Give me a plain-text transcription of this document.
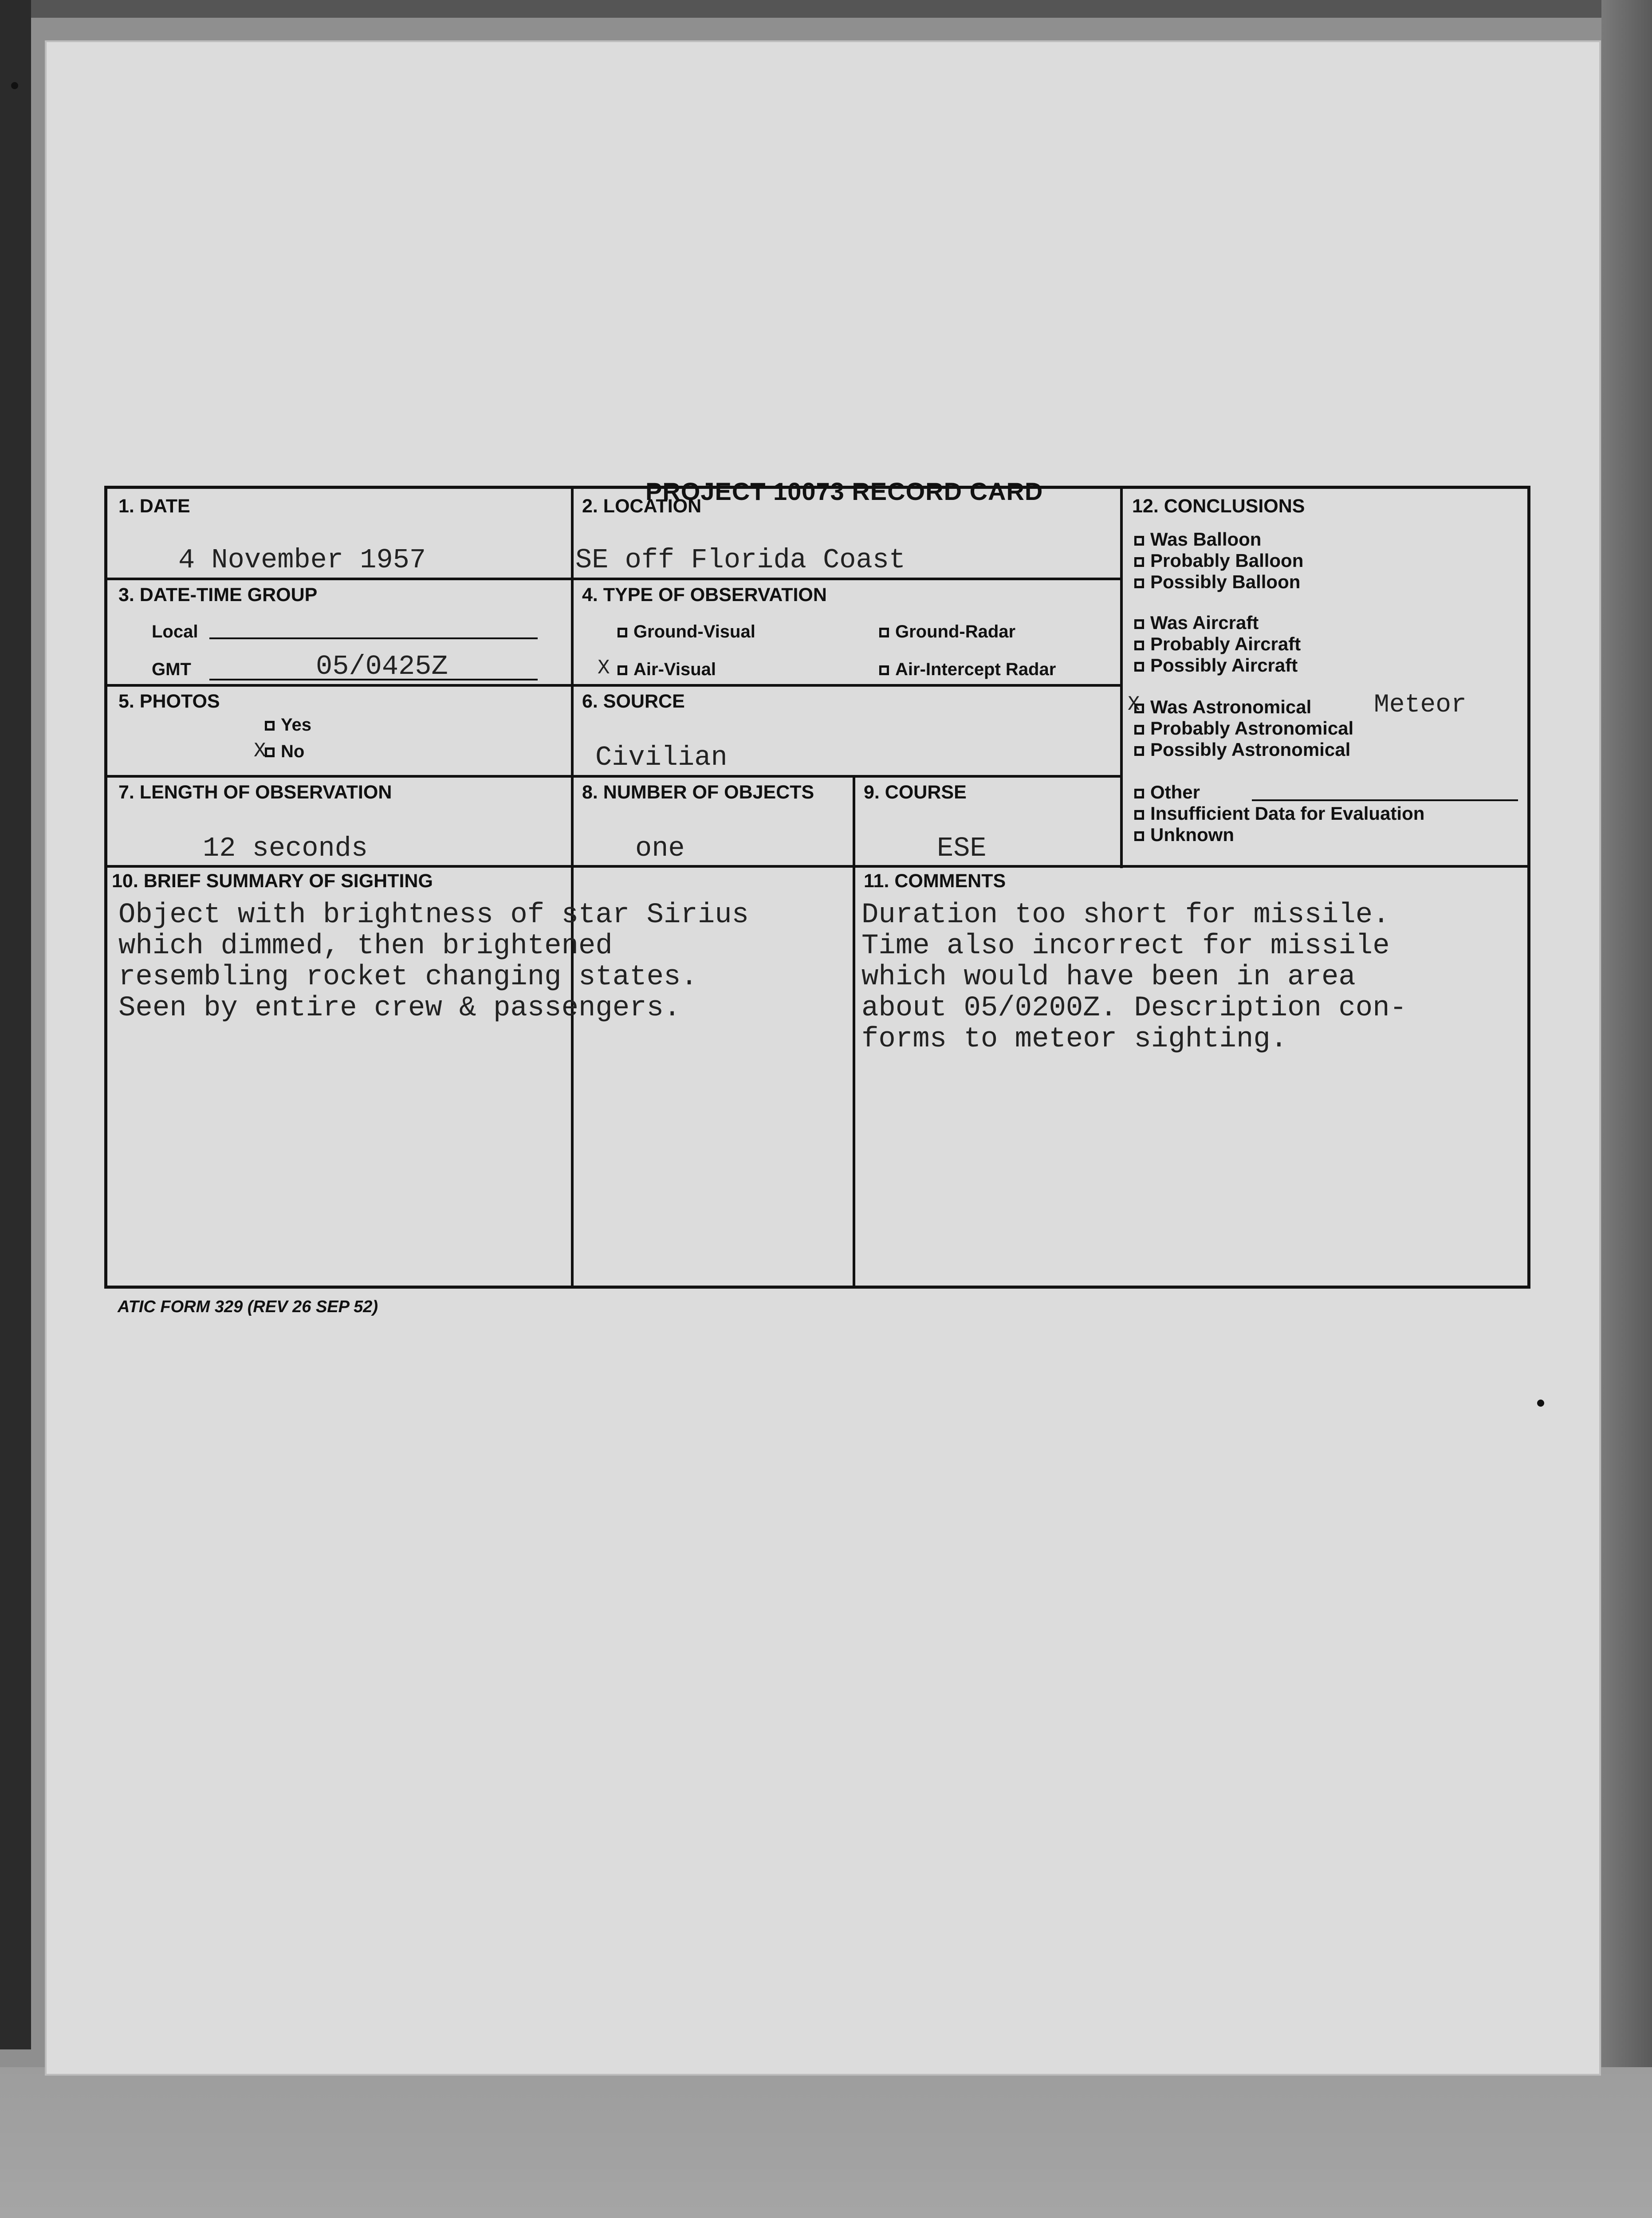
PROJECT 10073 RECORD CARD
1. DATE
4 November 1957
2. LOCATION
SE off Florida Coast
3. DATE-TIME GROUP
Local
GMT	05/0425Z
4. TYPE OF OBSERVATION
Ground-Visual	Ground-Radar
X	Air-Visual	Air-Intercept Radar
5. PHOTOS
Yes
X No
6. SOURCE
Civilian
7. LENGTH OF OBSERVATION
12 seconds
8. NUMBER OF OBJECTS
one
9. COURSE
ESE
12. CONCLUSIONS
Was Balloon
Probably Balloon
Possibly Balloon
Was Aircraft
Probably Aircraft
Possibly Aircraft
X Was Astronomical Meteor
Probably Astronomical
Possibly Astronomical
Other
Insufficient Data for Evaluation
Unknown
10. BRIEF SUMMARY OF SIGHTING
Object with brightness of star Sirius
which dimmed, then brightened
resembling rocket changing states.
Seen by entire crew & passengers.
11. COMMENTS
Duration too short for missile.
Time also incorrect for missile
which would have been in area
about 05/0200Z. Description con-
forms to meteor sighting.
ATIC FORM 329 (REV 26 SEP 52)
